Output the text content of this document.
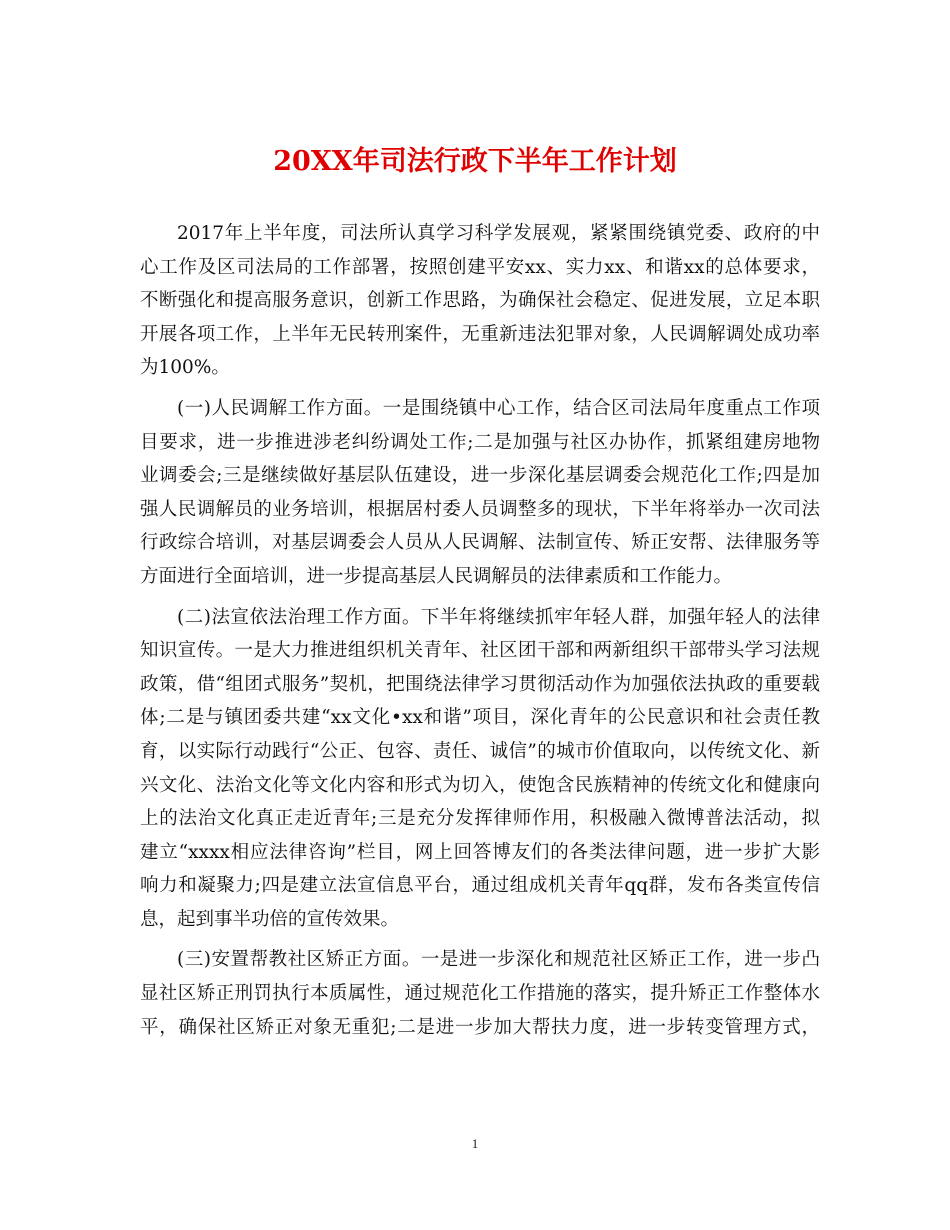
20XX年司法行政下半年工作计划
2017年上半年度，司法所认真学习科学发展观，紧紧围绕镇党委、政府的中
心工作及区司法局的工作部署，按照创建平安xx、实力xx、和谐xx的总体要求，
不断强化和提高服务意识，创新工作思路，为确保社会稳定、促进发展，立足本职
开展各项工作，上半年无民转刑案件，无重新违法犯罪对象，人民调解调处成功率
为100%。
(一)人民调解工作方面。一是围绕镇中心工作，结合区司法局年度重点工作项
目要求，进一步推进涉老纠纷调处工作;二是加强与社区办协作，抓紧组建房地物
业调委会;三是继续做好基层队伍建设，进一步深化基层调委会规范化工作;四是加
强人民调解员的业务培训，根据居村委人员调整多的现状，下半年将举办一次司法
行政综合培训，对基层调委会人员从人民调解、法制宣传、矫正安帮、法律服务等
方面进行全面培训，进一步提高基层人民调解员的法律素质和工作能力。
(二)法宣依法治理工作方面。下半年将继续抓牢年轻人群，加强年轻人的法律
知识宣传。一是大力推进组织机关青年、社区团干部和两新组织干部带头学习法规
政策，借“组团式服务”契机，把围绕法律学习贯彻活动作为加强依法执政的重要载
体;二是与镇团委共建“xx文化•xx和谐”项目，深化青年的公民意识和社会责任教
育，以实际行动践行“公正、包容、责任、诚信”的城市价值取向，以传统文化、新
兴文化、法治文化等文化内容和形式为切入，使饱含民族精神的传统文化和健康向
上的法治文化真正走近青年;三是充分发挥律师作用，积极融入微博普法活动，拟
建立“xxxx相应法律咨询”栏目，网上回答博友们的各类法律问题，进一步扩大影
响力和凝聚力;四是建立法宣信息平台，通过组成机关青年qq群，发布各类宣传信
息，起到事半功倍的宣传效果。
(三)安置帮教社区矫正方面。一是进一步深化和规范社区矫正工作，进一步凸
显社区矫正刑罚执行本质属性，通过规范化工作措施的落实，提升矫正工作整体水
平，确保社区矫正对象无重犯;二是进一步加大帮扶力度，进一步转变管理方式，
1
